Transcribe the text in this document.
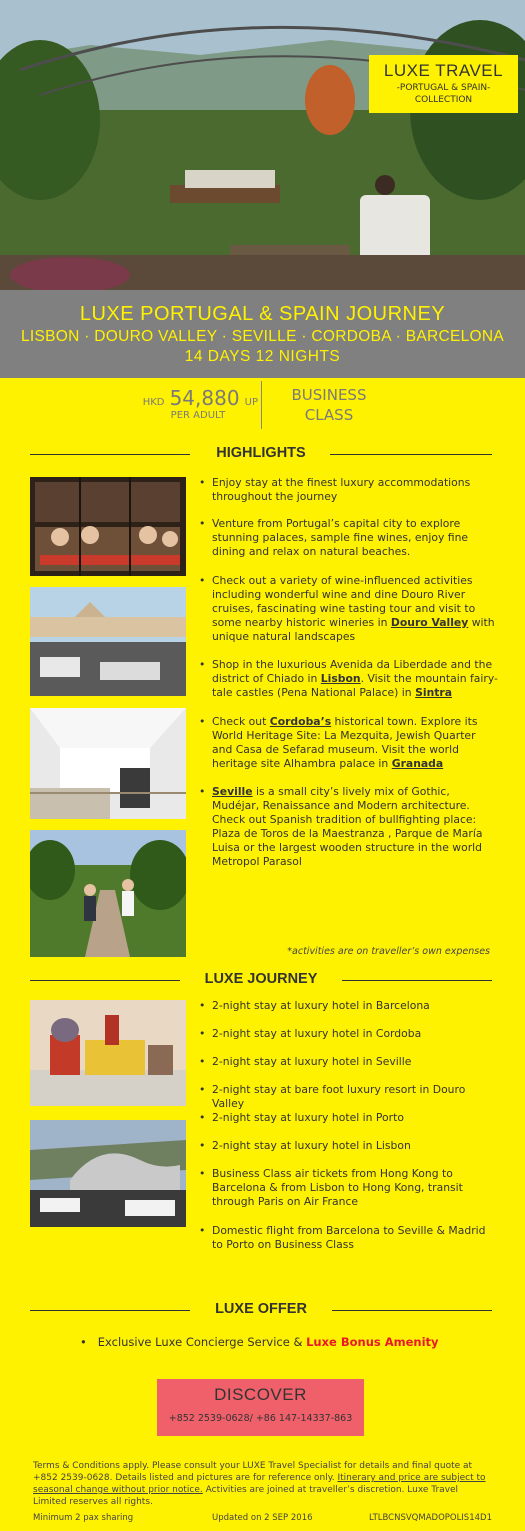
LUXE TRAVEL
-PORTUGAL & SPAIN-
COLLECTION
LUXE PORTUGAL & SPAIN JOURNEY
LISBON · DOURO VALLEY · SEVILLE · CORDOBA · BARCELONA
14 DAYS 12 NIGHTS
HKD 54,880 UP
PER ADULT
BUSINESS
CLASS
HIGHLIGHTS
• Enjoy stay at the finest luxury accommodations throughout the journey
• Venture from Portugal’s capital city to explore stunning palaces, sample fine wines, enjoy fine dining and relax on natural beaches.
• Check out a variety of wine-influenced activities including wonderful wine and dine Douro River cruises, fascinating wine tasting tour and visit to some nearby historic wineries in Douro Valley with unique natural landscapes
• Shop in the luxurious Avenida da Liberdade and the district of Chiado in Lisbon. Visit the mountain fairy-tale castles (Pena National Palace) in Sintra
• Check out Cordoba’s historical town. Explore its World Heritage Site: La Mezquita, Jewish Quarter and Casa de Sefarad museum. Visit the world heritage site Alhambra palace in Granada
• Seville is a small city’s lively mix of Gothic, Mudéjar, Renaissance and Modern architecture. Check out Spanish tradition of bullfighting place: Plaza de Toros de la Maestranza , Parque de María Luisa or the largest wooden structure in the world Metropol Parasol
*activities are on traveller’s own expenses
LUXE JOURNEY
• 2-night stay at luxury hotel in Barcelona
• 2-night stay at luxury hotel in Cordoba
• 2-night stay at luxury hotel in Seville
• 2-night stay at bare foot luxury resort in Douro Valley
• 2-night stay at luxury hotel in Porto
• 2-night stay at luxury hotel in Lisbon
• Business Class air tickets from Hong Kong to Barcelona & from Lisbon to Hong Kong, transit through Paris on Air France
• Domestic flight from Barcelona to Seville & Madrid to Porto on Business Class
LUXE OFFER
•   Exclusive Luxe Concierge Service & Luxe Bonus Amenity
DISCOVER
+852 2539-0628/ +86 147-14337-863
Terms & Conditions apply. Please consult your LUXE Travel Specialist for details and final quote at +852 2539-0628. Details listed and pictures are for reference only. Itinerary and price are subject to seasonal change without prior notice. Activities are joined at traveller’s discretion. Luxe Travel Limited reserves all rights.
Minimum 2 pax sharing	Updated on 2 SEP 2016	LTLBCNSVQMADOPOLIS14D1
